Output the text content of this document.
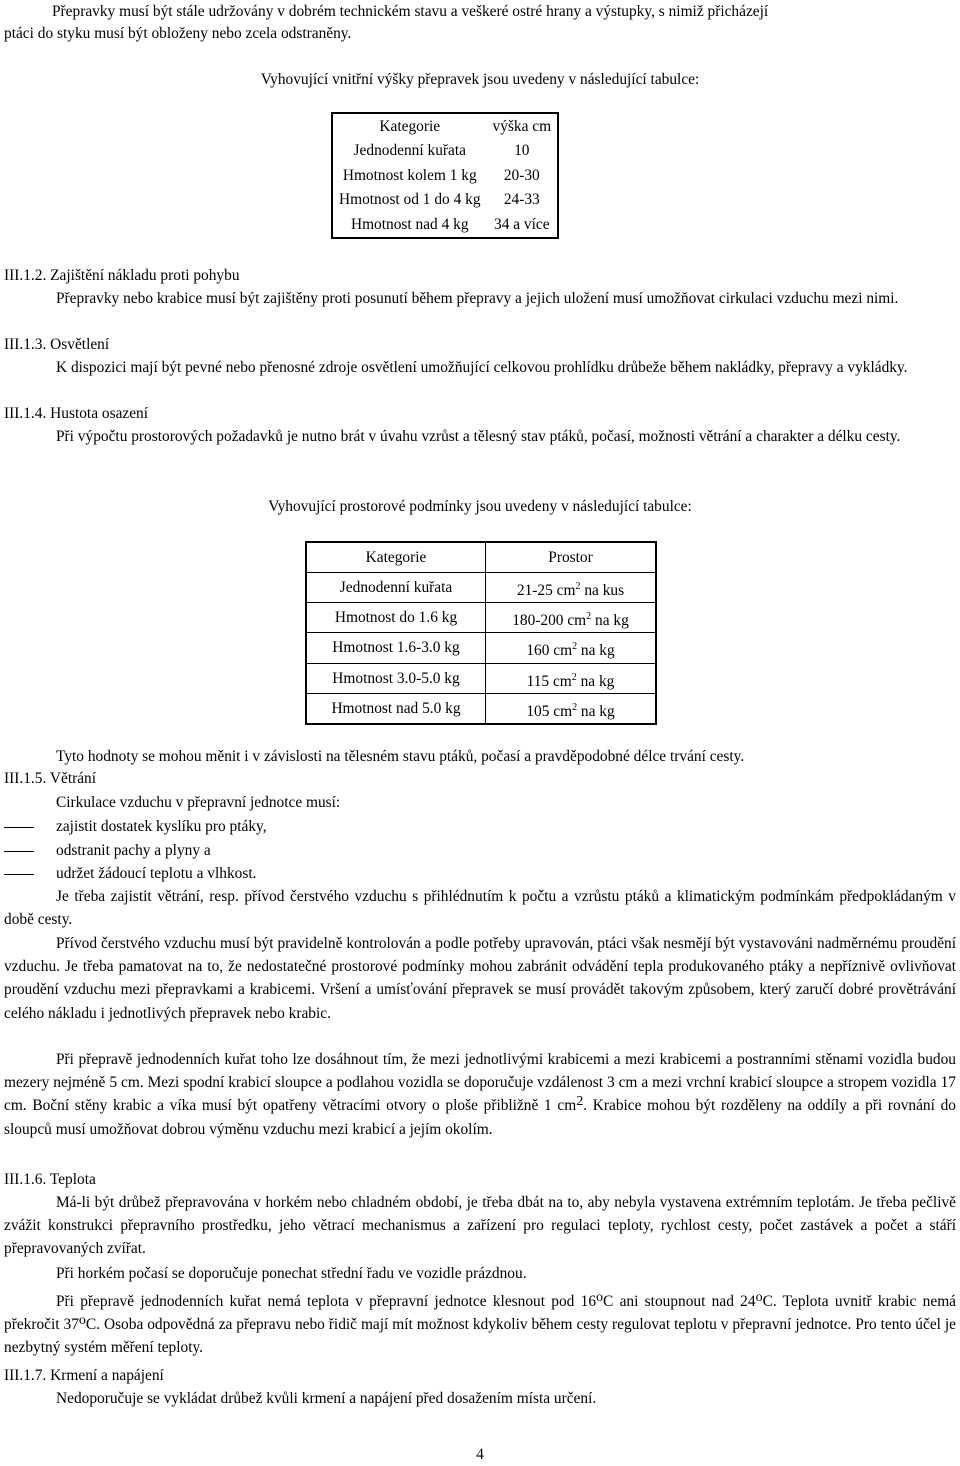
Přepravky musí být stále udržovány v dobrém technickém stavu a veškeré ostré hrany a výstupky, s nimiž přicházejí

ptáci do styku musí být obloženy nebo zcela odstraněny.

Vyhovující vnitřní výšky přepravek jsou uvedeny v následující tabulce:

Kategorie	výška cm
Jednodenní kuřata	10
Hmotnost kolem 1 kg	20-30
Hmotnost od 1 do 4 kg	24-33
Hmotnost nad 4 kg	34 a více

III.1.2. Zajištění nákladu proti pohybu

Přepravky nebo krabice musí být zajištěny proti posunutí během přepravy a jejich uložení musí umožňovat cirkulaci vzduchu mezi nimi.

III.1.3. Osvětlení

K dispozici mají být pevné nebo přenosné zdroje osvětlení umožňující celkovou prohlídku drůbeže během nakládky, přepravy a vykládky.

III.1.4. Hustota osazení

Při výpočtu prostorových požadavků je nutno brát v úvahu vzrůst a tělesný stav ptáků, počasí, možnosti větrání a charakter a délku cesty.

Vyhovující prostorové podmínky jsou uvedeny v následující tabulce:

Kategorie	Prostor
Jednodenní kuřata	21-25 $cm^2$ na kus
Hmotnost do 1.6 kg	180-200 $cm^2$ na kg
Hmotnost 1.6-3.0 kg	160 $cm^2$ na kg
Hmotnost 3.0-5.0 kg	115 $cm^2$ na kg
Hmotnost nad 5.0 kg	105 $cm^2$ na kg

Tyto hodnoty se mohou měnit i v závislosti na tělesném stavu ptáků, počasí a pravděpodobné délce trvání cesty.

III.1.5. Větrání

Cirkulace vzduchu v přepravní jednotce musí:

zajistit dostatek kyslíku pro ptáky,
odstranit pachy a plyny a
udržet žádoucí teplotu a vlhkost.

Je třeba zajistit větrání, resp. přívod čerstvého vzduchu s přihlédnutím k počtu a vzrůstu ptáků a klimatickým podmínkám předpokládaným v době cesty.

Přívod čerstvého vzduchu musí být pravidelně kontrolován a podle potřeby upravován, ptáci však nesmějí být vystavováni nadměrnému proudění vzduchu. Je třeba pamatovat na to, že nedostatečné prostorové podmínky mohou zabránit odvádění tepla produkovaného ptáky a nepříznivě ovlivňovat proudění vzduchu mezi přepravkami a krabicemi. Vršení a umísťování přepravek se musí provádět takovým způsobem, který zaručí dobré provětrávání celého nákladu i jednotlivých přepravek nebo krabic.

Při přepravě jednodenních kuřat toho lze dosáhnout tím, že mezi jednotlivými krabicemi a mezi krabicemi a postranními stěnami vozidla budou mezery nejméně 5 cm. Mezi spodní krabicí sloupce a podlahou vozidla se doporučuje vzdálenost 3 cm a mezi vrchní krabicí sloupce a stropem vozidla 17 cm. Boční stěny krabic a víka musí být opatřeny větracími otvory o ploše přibližně 1 $cm^2$. Krabice mohou být rozděleny na oddíly a při rovnání do sloupců musí umožňovat dobrou výměnu vzduchu mezi krabicí a jejím okolím.

III.1.6. Teplota

Má-li být drůbež přepravována v horkém nebo chladném období, je třeba dbát na to, aby nebyla vystavena extrémním teplotám. Je třeba pečlivě zvážit konstrukci přepravního prostředku, jeho větrací mechanismus a zařízení pro regulaci teploty, rychlost cesty, počet zastávek a počet a stáří přepravovaných zvířat.

Při horkém počasí se doporučuje ponechat střední řadu ve vozidle prázdnou.

Při přepravě jednodenních kuřat nemá teplota v přepravní jednotce klesnout pod 16$^o$C ani stoupnout nad 24$^o$C. Teplota uvnitř krabic nemá překročit 37$^o$C. Osoba odpovědná za přepravu nebo řidič mají mít možnost kdykoliv během cesty regulovat teplotu v přepravní jednotce. Pro tento účel je nezbytný systém měření teploty.

III.1.7. Krmení a napájení

Nedoporučuje se vykládat drůbež kvůli krmení a napájení před dosažením místa určení.

4
